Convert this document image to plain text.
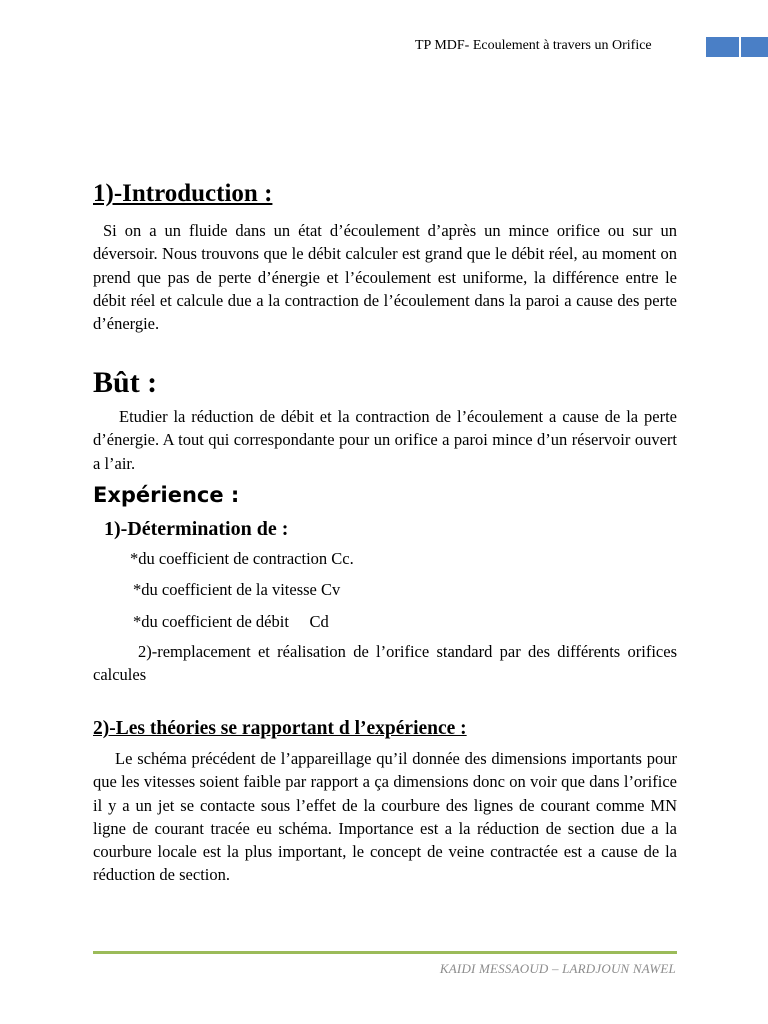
TP MDF- Ecoulement à travers un Orifice
1)-Introduction :

Si on a un fluide dans un état d’écoulement d’après un mince orifice ou sur un déversoir. Nous trouvons que le débit calculer est grand que le débit réel, au moment on prend que pas de perte d’énergie et l’écoulement est uniforme, la différence entre le débit réel et calcule due a la contraction de l’écoulement dans la paroi a cause des perte d’énergie.

Bût :

Etudier la réduction de débit et la contraction de l’écoulement a cause de la perte d’énergie. A tout qui correspondante pour un orifice a paroi mince d’un réservoir ouvert a l’air.

Expérience :
1)-Détermination de :
*du coefficient de contraction Cc.
*du coefficient de la vitesse Cv
*du coefficient de débit     Cd

2)-remplacement et réalisation de l’orifice standard par des différents orifices calcules

2)-Les théories se rapportant d l’expérience :

Le schéma précédent de l’appareillage qu’il donnée des dimensions importants pour que les vitesses soient faible par rapport a ça dimensions donc on voir que dans l’orifice il y a un jet se contacte sous l’effet de la courbure des lignes de courant comme MN ligne de courant tracée eu schéma. Importance est a la réduction de section due a la courbure locale est la plus important, le concept de veine contractée est a cause de la réduction de section.

KAIDI MESSAOUD – LARDJOUN NAWEL
